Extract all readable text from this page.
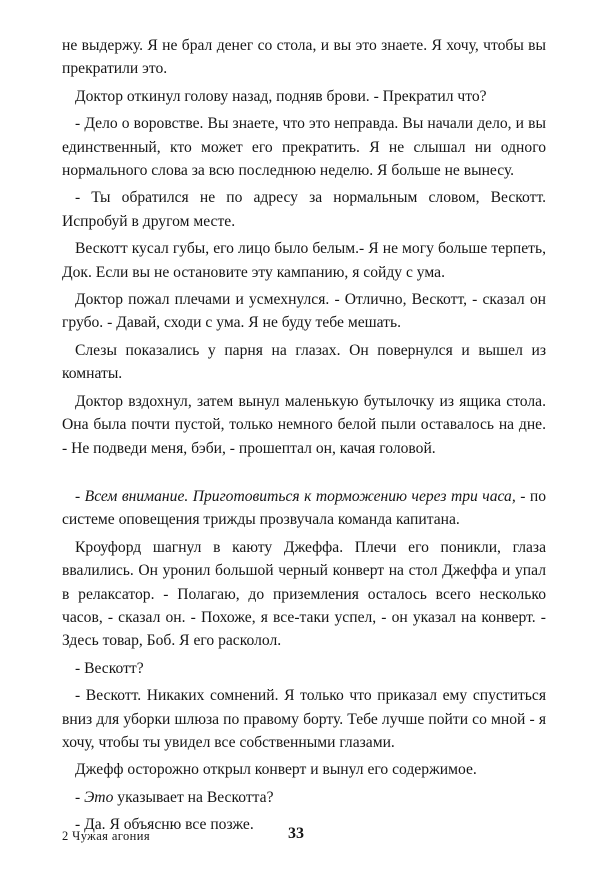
не выдержу. Я не брал денег со стола, и вы это знаете. Я хочу, чтобы вы прекратили это.

Доктор откинул голову назад, подняв брови. - Прекратил что?

- Дело о воровстве. Вы знаете, что это неправда. Вы начали дело, и вы единственный, кто может его прекратить. Я не слышал ни одного нормального слова за всю последнюю неделю. Я больше не вынесу.

- Ты обратился не по адресу за нормальным словом, Вескотт. Испробуй в другом месте.

Вескотт кусал губы, его лицо было белым.- Я не могу больше терпеть, Док. Если вы не остановите эту кампанию, я сойду с ума.

Доктор пожал плечами и усмехнулся. - Отлично, Вескотт, - сказал он грубо. - Давай, сходи с ума. Я не буду тебе мешать.

Слезы показались у парня на глазах. Он повернулся и вышел из комнаты.

Доктор вздохнул, затем вынул маленькую бутылочку из ящика стола. Она была почти пустой, только немного белой пыли оставалось на дне. - Не подведи меня, бэби, - прошептал он, качая головой.

- Всем внимание. Приготовиться к торможению через три часа, - по системе оповещения трижды прозвучала команда капитана.

Кроуфорд шагнул в каюту Джеффа. Плечи его поникли, глаза ввалились. Он уронил большой черный конверт на стол Джеффа и упал в релаксатор. - Полагаю, до приземления осталось всего несколько часов, - сказал он. - Похоже, я все-таки успел, - он указал на конверт. - Здесь товар, Боб. Я его расколол.

- Вескотт?

- Вескотт. Никаких сомнений. Я только что приказал ему спуститься вниз для уборки шлюза по правому борту. Тебе лучше пойти со мной - я хочу, чтобы ты увидел все собственными глазами.

Джефф осторожно открыл конверт и вынул его содержимое.

- Это указывает на Вескотта?

- Да. Я объясню все позже.

2 Чужая агония	33
